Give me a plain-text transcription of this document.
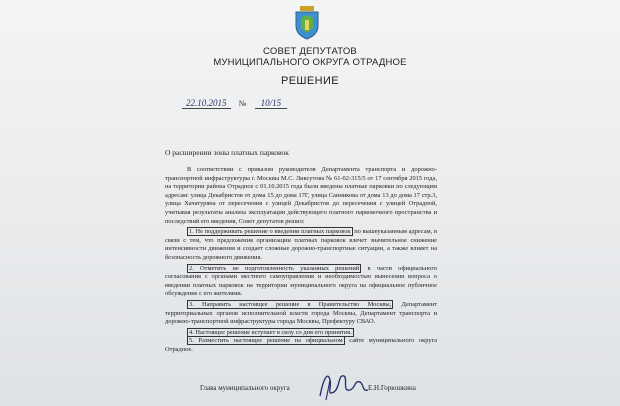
СОВЕТ ДЕПУТАТОВ
МУНИЦИПАЛЬНОГО ОКРУГА ОТРАДНОЕ
РЕШЕНИЕ
22.10.2015 № 10/15
О расширении зоны платных парковок

В соответствии с приказом руководителя Департамента транспорта и дорожно-транспортной инфраструктуры г. Москвы М.С. Ликсутова № 61-02-315/5 от 17 сентября 2015 года, на территории района Отрадное с 01.10.2015 года были введены платные парковки по следующим адресам: улица Декабристов от дома 15 до дома 17Г, улица Санникова от дома 13 до дома 17 стр.3, улица Хачатуряна от пересечения с улицей Декабристов до пересечения с улицей Отрадной, учитывая результаты анализа эксплуатации действующего платного парковочного пространства и последствий его введения, Совет депутатов решил:

1. Не поддерживать решение о введении платных парковок по вышеуказанным адресам, в связи с тем, что предложения организации платных парковок влечет значительное снижение интенсивности движения и создает сложные дорожно-транспортные ситуации, а также влияет на безопасность дорожного движения.

2. Отметить не подготовленность указанных решений в части официального согласования с органами местного самоуправления и необходимостью вынесения вопроса о введении платных парковок на территории муниципального округа на официальное публичное обсуждение с его жителями.

3. Направить настоящее решение в Правительство Москвы, Департамент территориальных органов исполнительной власти города Москвы, Департамент транспорта и дорожно-транспортной инфраструктуры города Москвы, Префектуру СВАО.

4. Настоящее решение вступает в силу со дня его принятия.

5. Разместить настоящее решение на официальном сайте муниципального округа Отрадное.

Глава муниципального округа	Е.Н.Горюшкина
